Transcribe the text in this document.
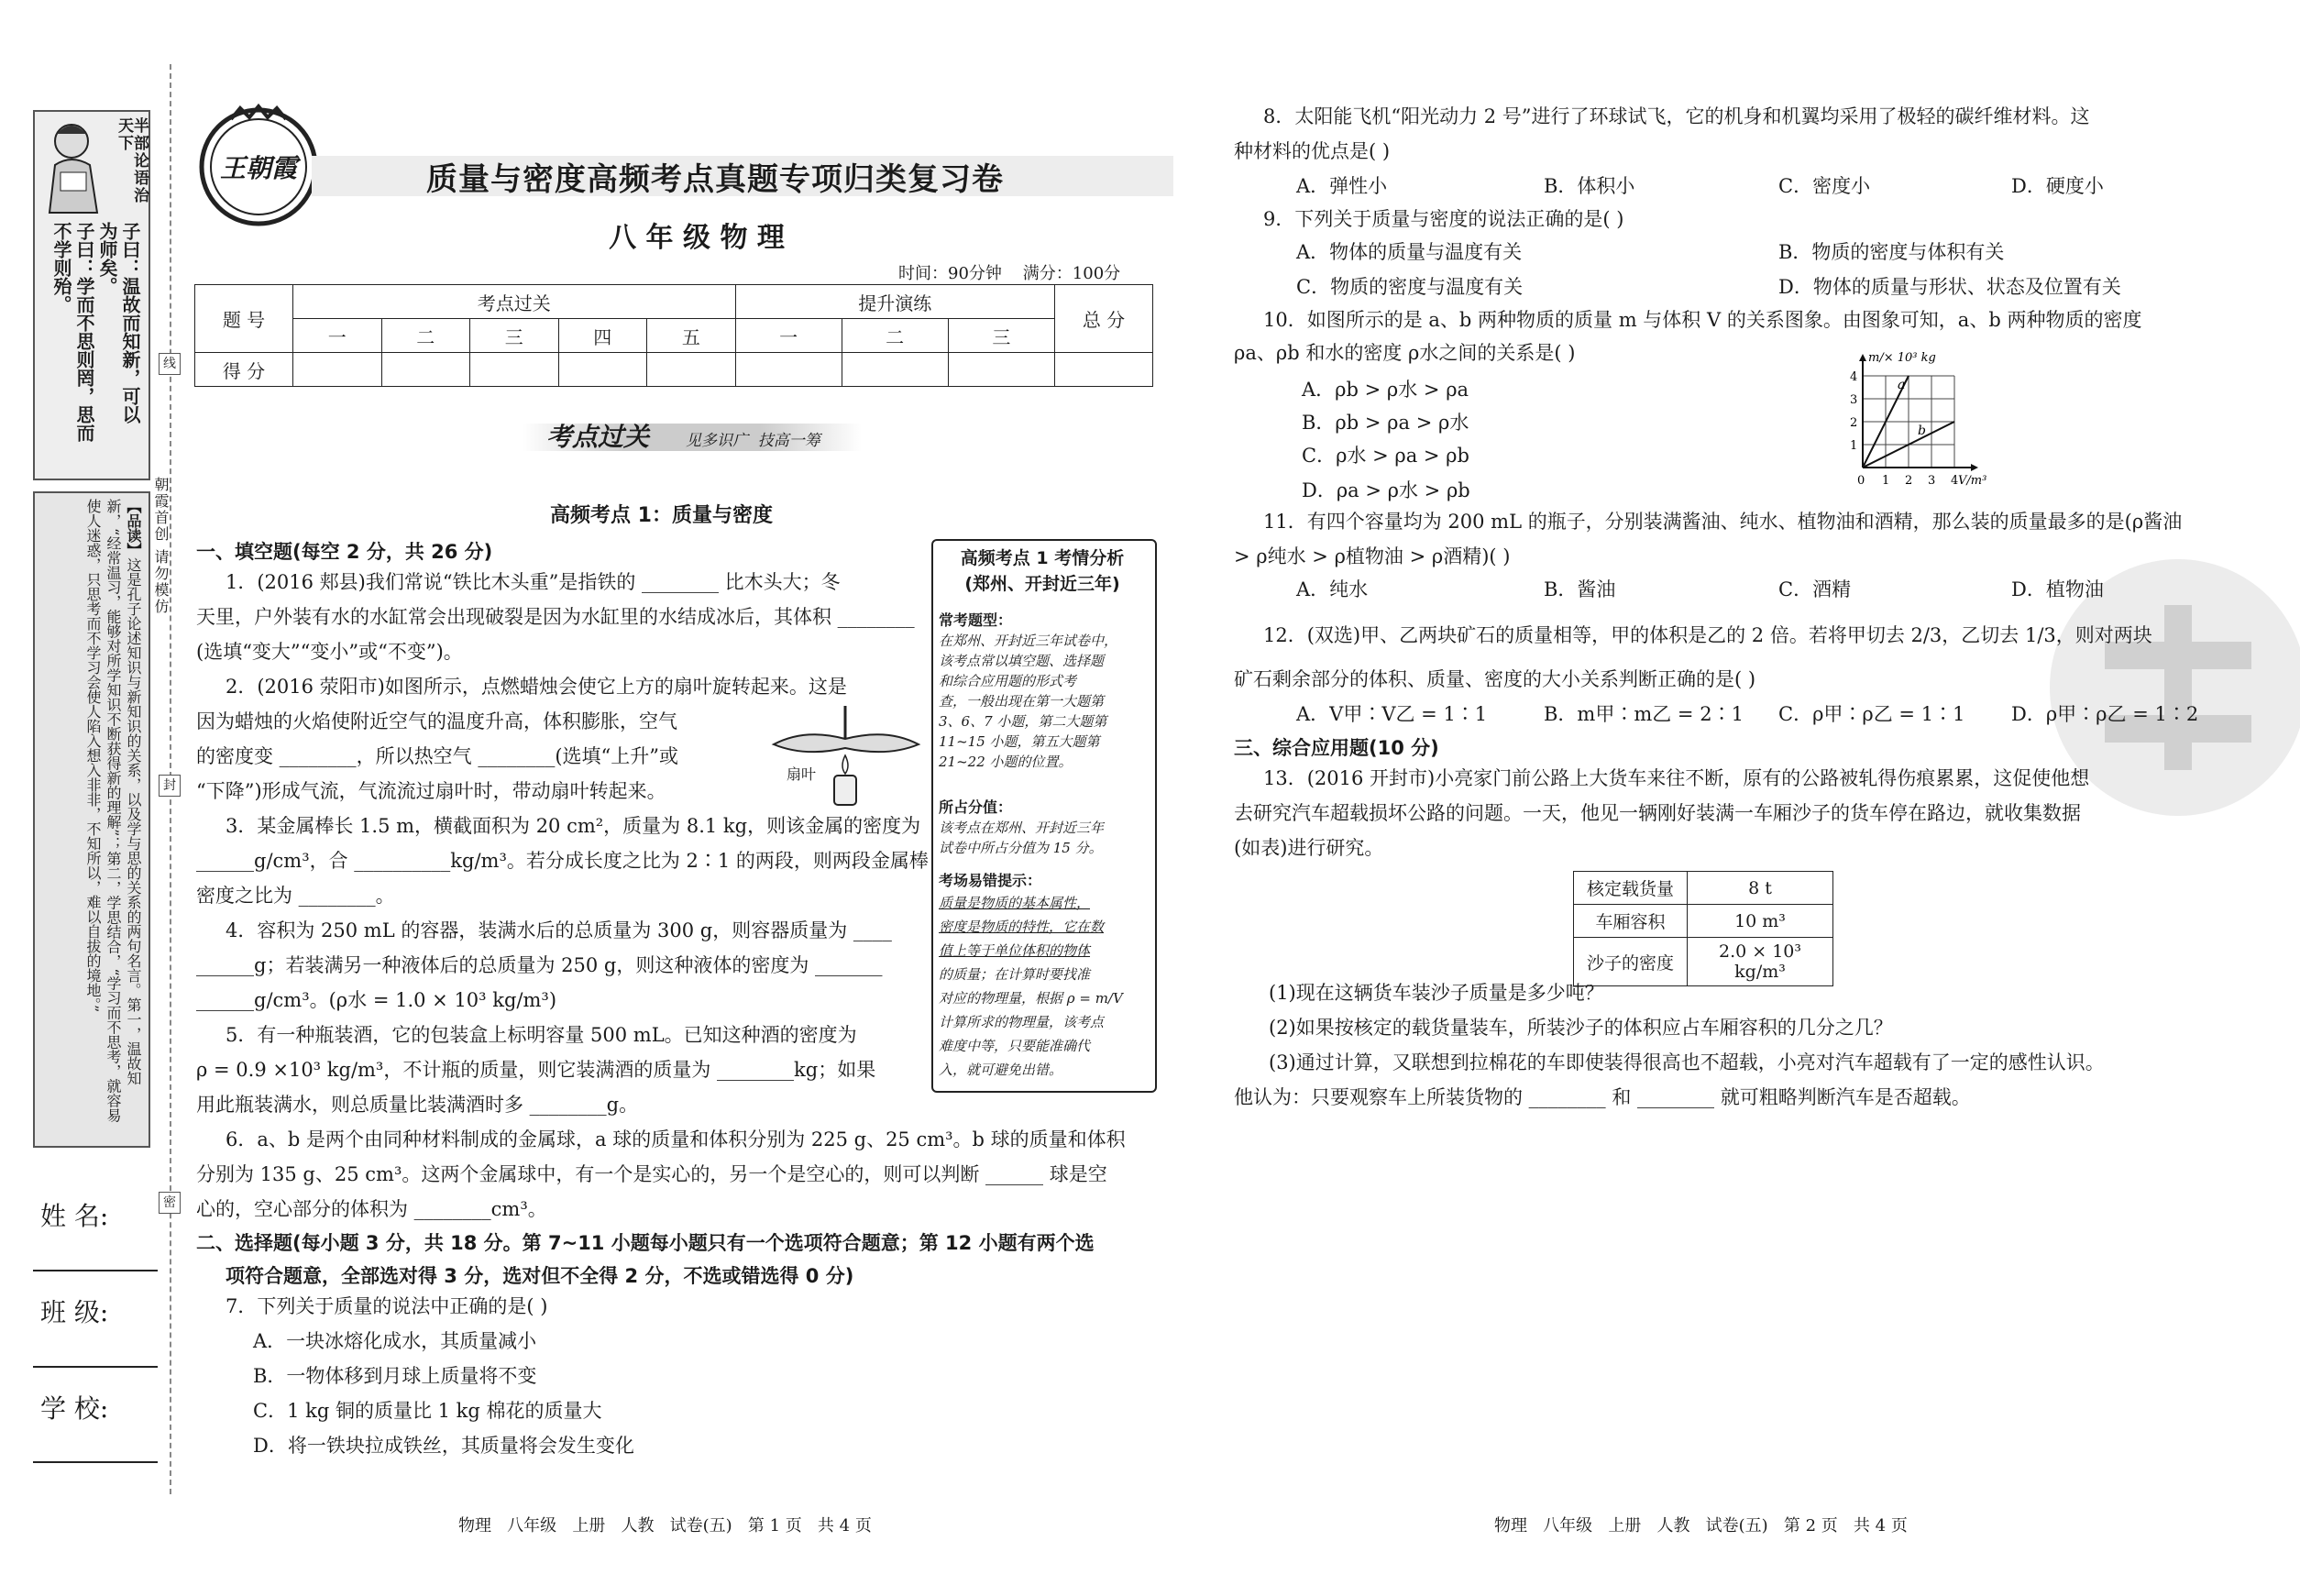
半部论语治天下
子曰：温故而知新，可以
为师矣。
子曰：学而不思则罔，思而
不学则殆。
【品读】这是孔子论述知识与新知识的关系，以及学与思的关系的两句名言。第一，温故知新，“经常温习，能够对所学知识不断获得新的理解”；第二，学思结合，“学习而不思考，就容易使人迷惑，只思考而不学习会使人陷入想入非非，不知所以，难以自拔的境地。”	朝霞首创 请勿模仿
线
封
密
姓 名:
班 级:
学 校:
王朝霞	质量与密度高频考点真题专项归类复习卷
八 年 级 物 理
时间：90分钟    满分：100分
题 号	考点过关					提升演练			总 分
	一	二	三	四	五	一	二	三	
得 分									
考点过关 见多识广  技高一筹
高频考点 1：质量与密度
一、填空题(每空 2 分，共 26 分)
1．(2016 郏县)我们常说“铁比木头重”是指铁的 ________ 比木头大；冬
天里，户外装有水的水缸常会出现破裂是因为水缸里的水结成冰后，其体积 ________
(选填“变大”“变小”或“不变”)。
2．(2016 荥阳市)如图所示，点燃蜡烛会使它上方的扇叶旋转起来。这是
因为蜡烛的火焰使附近空气的温度升高，体积膨胀，空气
的密度变 ________，所以热空气 ________(选填“上升”或
“下降”)形成气流，气流流过扇叶时，带动扇叶转起来。
3．某金属棒长 1.5 m，横截面积为 20 cm²，质量为 8.1 kg，则该金属的密度为
______g/cm³，合 __________kg/m³。若分成长度之比为 2∶1 的两段，则两段金属棒
密度之比为 ________。
4．容积为 250 mL 的容器，装满水后的总质量为 300 g，则容器质量为 ____
______g；若装满另一种液体后的总质量为 250 g，则这种液体的密度为 _______
______g/cm³。(ρ水 = 1.0 × 10³ kg/m³)
5．有一种瓶装酒，它的包装盒上标明容量 500 mL。已知这种酒的密度为
ρ = 0.9 ×10³ kg/m³，不计瓶的质量，则它装满酒的质量为 ________kg；如果
用此瓶装满水，则总质量比装满酒时多 ________g。
6．a、b 是两个由同种材料制成的金属球，a 球的质量和体积分别为 225 g、25 cm³。b 球的质量和体积
分别为 135 g、25 cm³。这两个金属球中，有一个是实心的，另一个是空心的，则可以判断 ______ 球是空
心的，空心部分的体积为 ________cm³。
扇叶
高频考点 1 考情分析
(郑州、开封近三年)
常考题型：
在郑州、开封近三年试卷中，
该考点常以填空题、选择题
和综合应用题的形式考
查，一般出现在第一大题第
3、6、7 小题，第二大题第
11~15 小题，第五大题第
21~22 小题的位置。
所占分值：
该考点在郑州、开封近三年
试卷中所占分值为 15 分。
考场易错提示：
质量是物质的基本属性，
密度是物质的特性，它在数
值上等于单位体积的物体
的质量；在计算时要找准
对应的物理量，根据 ρ = m/V
计算所求的物理量，该考点
难度中等，只要能准确代
入，就可避免出错。
二、选择题(每小题 3 分，共 18 分。第 7~11 小题每小题只有一个选项符合题意；第 12 小题有两个选
项符合题意，全部选对得 3 分，选对但不全得 2 分，不选或错选得 0 分)
7．下列关于质量的说法中正确的是( )
A．一块冰熔化成水，其质量减小
B．一物体移到月球上质量将不变
C．1 kg 铜的质量比 1 kg 棉花的质量大
D．将一铁块拉成铁丝，其质量将会发生变化
物理   八年级   上册   人教   试卷(五)   第 1 页   共 4 页
8．太阳能飞机“阳光动力 2 号”进行了环球试飞，它的机身和机翼均采用了极轻的碳纤维材料。这
种材料的优点是( )
A．弹性小	B．体积小	C．密度小	D．硬度小
9．下列关于质量与密度的说法正确的是( )
A．物体的质量与温度有关	B．物质的密度与体积有关
C．物质的密度与温度有关	D．物体的质量与形状、状态及位置有关
10．如图所示的是 a、b 两种物质的质量 m 与体积 V 的关系图象。由图象可知，a、b 两种物质的密度
ρa、ρb 和水的密度 ρ水之间的关系是( )
A．ρb > ρ水 > ρa
B．ρb > ρa > ρ水
C．ρ水 > ρa > ρb
D．ρa > ρ水 > ρb
a
b
m/× 10³ kg
V/m³
0 1 2 3 4
1
2
3
4
11．有四个容量均为 200 mL 的瓶子，分别装满酱油、纯水、植物油和酒精，那么装的质量最多的是(ρ酱油
> ρ纯水 > ρ植物油 > ρ酒精)( )
A．纯水	B．酱油	C．酒精	D．植物油
12．(双选)甲、乙两块矿石的质量相等，甲的体积是乙的 2 倍。若将甲切去 2/3，乙切去 1/3，则对两块
矿石剩余部分的体积、质量、密度的大小关系判断正确的是( )
A．V甲∶V乙 = 1∶1	B．m甲∶m乙 = 2∶1 C．ρ甲∶ρ乙 = 1∶1 D．ρ甲∶ρ乙 = 1∶2
三、综合应用题(10 分)
13．(2016 开封市)小亮家门前公路上大货车来往不断，原有的公路被轧得伤痕累累，这促使他想
去研究汽车超载损坏公路的问题。一天，他见一辆刚好装满一车厢沙子的货车停在路边，就收集数据
(如表)进行研究。
核定载货量	8 t
车厢容积	10 m³
沙子的密度	2.0 × 10³ kg/m³
(1)现在这辆货车装沙子质量是多少吨？
(2)如果按核定的载货量装车，所装沙子的体积应占车厢容积的几分之几？
(3)通过计算，又联想到拉棉花的车即使装得很高也不超载，小亮对汽车超载有了一定的感性认识。
他认为：只要观察车上所装货物的 ________ 和 ________ 就可粗略判断汽车是否超载。
物理   八年级   上册   人教   试卷(五)   第 2 页   共 4 页
